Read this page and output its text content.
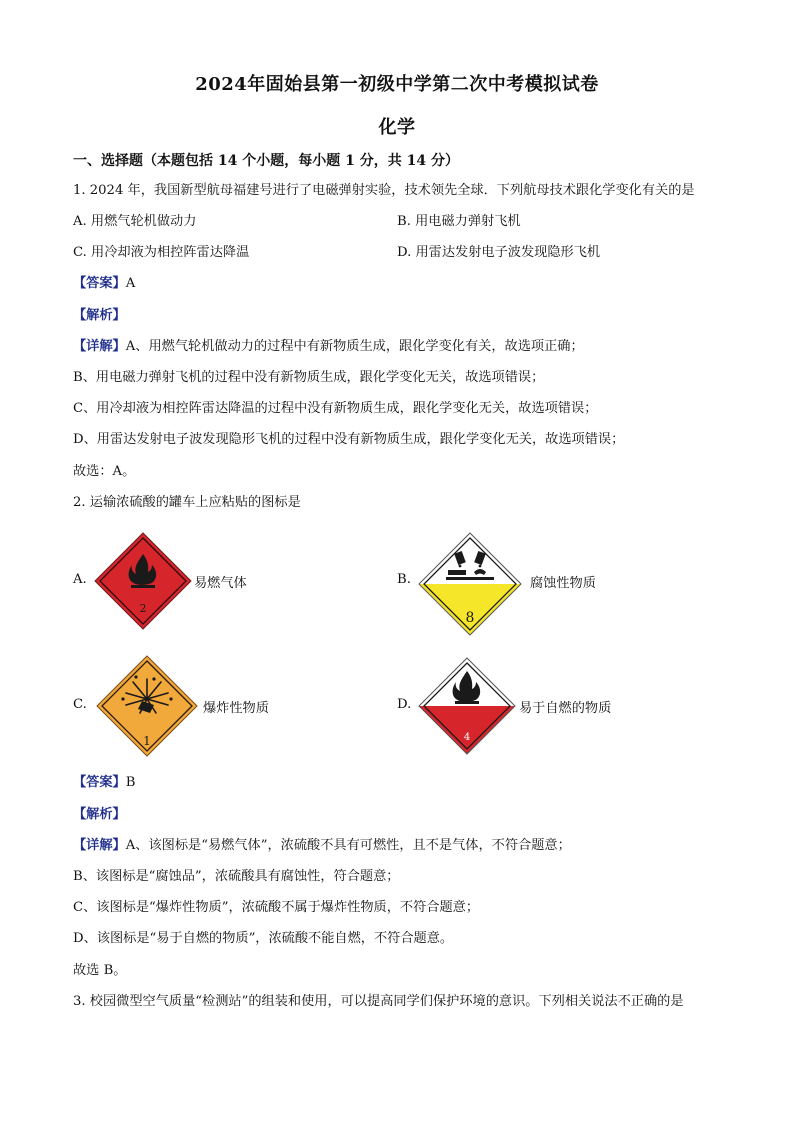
2024年固始县第一初级中学第二次中考模拟试卷
化学
一、选择题（本题包括 14 个小题，每小题 1 分，共 14 分）
1. 2024 年，我国新型航母福建号进行了电磁弹射实验，技术领先全球．下列航母技术跟化学变化有关的是
A. 用燃气轮机做动力	B. 用电磁力弹射飞机
C. 用冷却液为相控阵雷达降温	D. 用雷达发射电子波发现隐形飞机
【答案】A
【解析】
【详解】A、用燃气轮机做动力的过程中有新物质生成，跟化学变化有关，故选项正确；
B、用电磁力弹射飞机的过程中没有新物质生成，跟化学变化无关，故选项错误；
C、用冷却液为相控阵雷达降温的过程中没有新物质生成，跟化学变化无关，故选项错误；
D、用雷达发射电子波发现隐形飞机的过程中没有新物质生成，跟化学变化无关，故选项错误；
故选：A。
2. 运输浓硫酸的罐车上应粘贴的图标是
A.
2
易燃气体	B.
8
腐蚀性物质
C.
1
爆炸性物质	D.
4
易于自燃的物质
【答案】B
【解析】
【详解】A、该图标是“易燃气体”，浓硫酸不具有可燃性，且不是气体，不符合题意；
B、该图标是“腐蚀品”，浓硫酸具有腐蚀性，符合题意；
C、该图标是“爆炸性物质”，浓硫酸不属于爆炸性物质，不符合题意；
D、该图标是“易于自燃的物质”，浓硫酸不能自燃，不符合题意。
故选 B。
3. 校园微型空气质量“检测站”的组装和使用，可以提高同学们保护环境的意识。下列相关说法不正确的是
